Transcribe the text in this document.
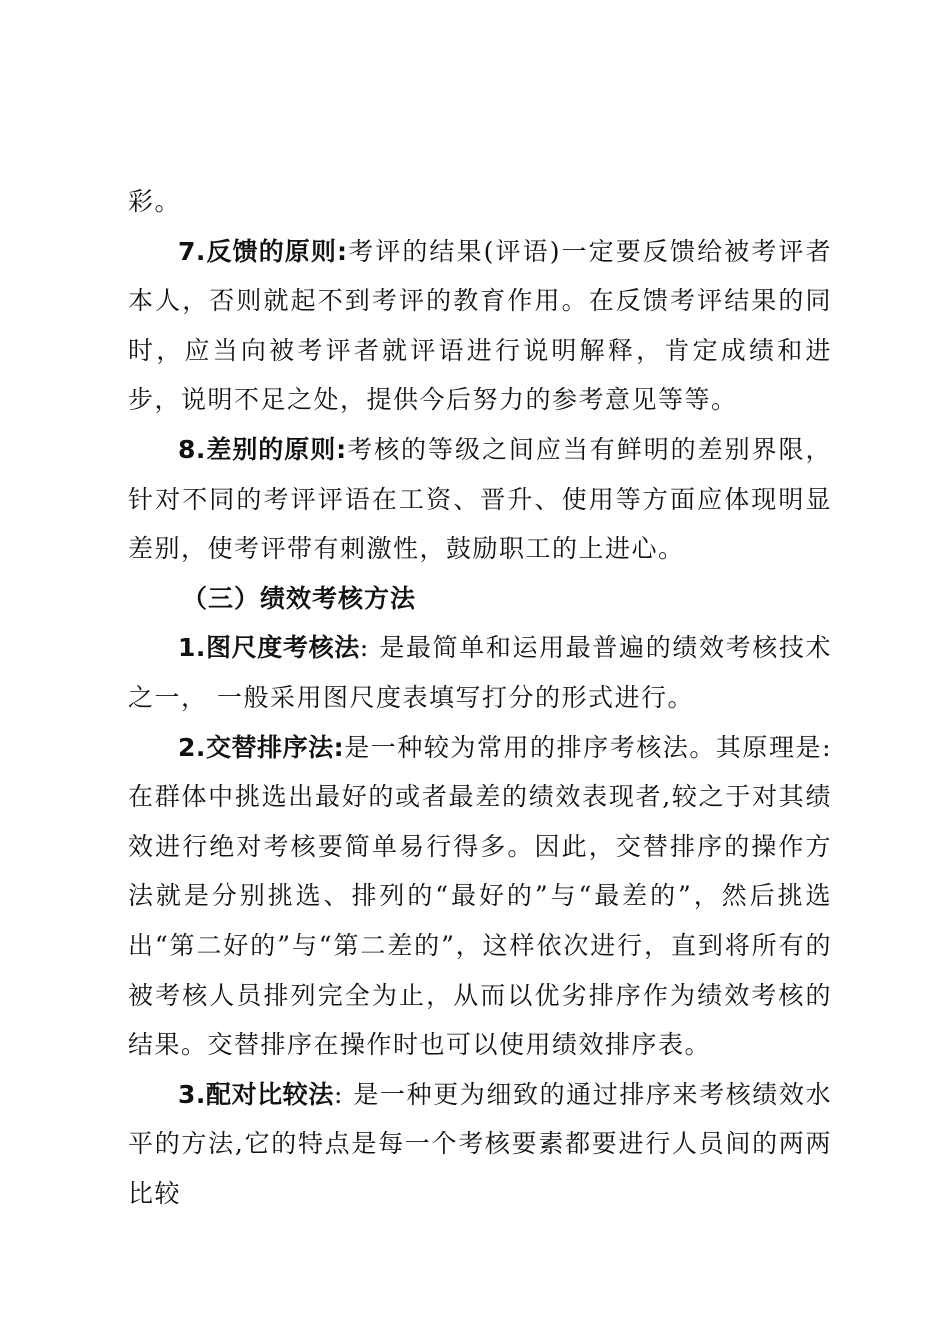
彩。

7.反馈的原则:考评的结果(评语)一定要反馈给被考评者本人，否则就起不到考评的教育作用。在反馈考评结果的同时，应当向被考评者就评语进行说明解释，肯定成绩和进步，说明不足之处，提供今后努力的参考意见等等。

8.差别的原则:考核的等级之间应当有鲜明的差别界限，针对不同的考评评语在工资、晋升、使用等方面应体现明显差别，使考评带有刺激性，鼓励职工的上进心。

（三）绩效考核方法

1.图尺度考核法: 是最简单和运用最普遍的绩效考核技术之一， 一般采用图尺度表填写打分的形式进行。

2.交替排序法:是一种较为常用的排序考核法。其原理是:在群体中挑选出最好的或者最差的绩效表现者,较之于对其绩效进行绝对考核要简单易行得多。因此，交替排序的操作方法就是分别挑选、排列的“最好的”与“最差的”，然后挑选出“第二好的”与“第二差的”，这样依次进行，直到将所有的被考核人员排列完全为止，从而以优劣排序作为绩效考核的结果。交替排序在操作时也可以使用绩效排序表。

3.配对比较法: 是一种更为细致的通过排序来考核绩效水平的方法,它的特点是每一个考核要素都要进行人员间的两两比较
